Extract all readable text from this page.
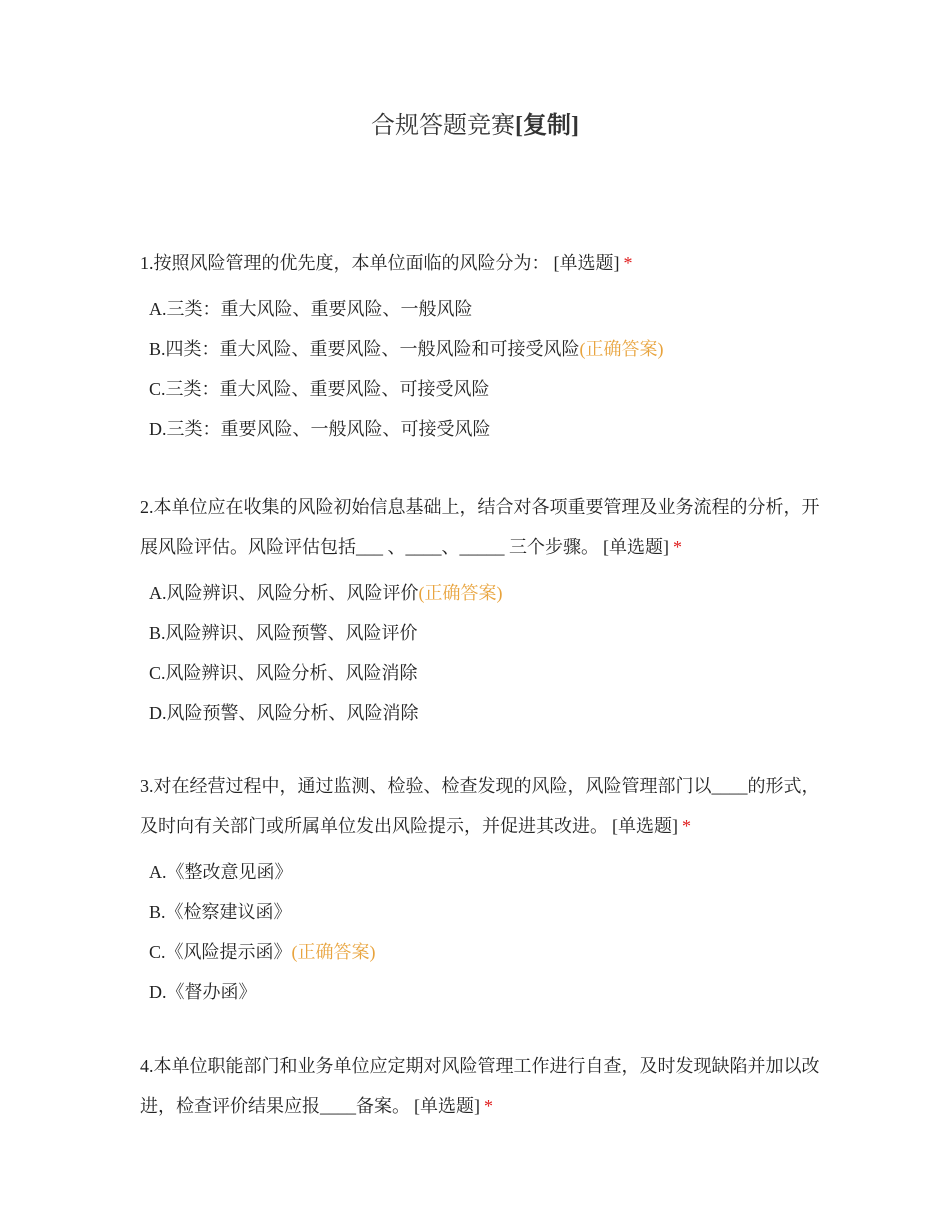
合规答题竞赛[复制]

1.按照风险管理的优先度，本单位面临的风险分为： [单选题] *

A.三类：重大风险、重要风险、一般风险
B.四类：重大风险、重要风险、一般风险和可接受风险(正确答案)
C.三类：重大风险、重要风险、可接受风险
D.三类：重要风险、一般风险、可接受风险

2.本单位应在收集的风险初始信息基础上，结合对各项重要管理及业务流程的分析，开展风险评估。风险评估包括___ 、____、_____ 三个步骤。 [单选题] *

A.风险辨识、风险分析、风险评价(正确答案)
B.风险辨识、风险预警、风险评价
C.风险辨识、风险分析、风险消除
D.风险预警、风险分析、风险消除

3.对在经营过程中，通过监测、检验、检查发现的风险，风险管理部门以____的形式，及时向有关部门或所属单位发出风险提示，并促进其改进。 [单选题] *

A.《整改意见函》
B.《检察建议函》
C.《风险提示函》(正确答案)
D.《督办函》

4.本单位职能部门和业务单位应定期对风险管理工作进行自查，及时发现缺陷并加以改进，检查评价结果应报____备案。 [单选题] *
